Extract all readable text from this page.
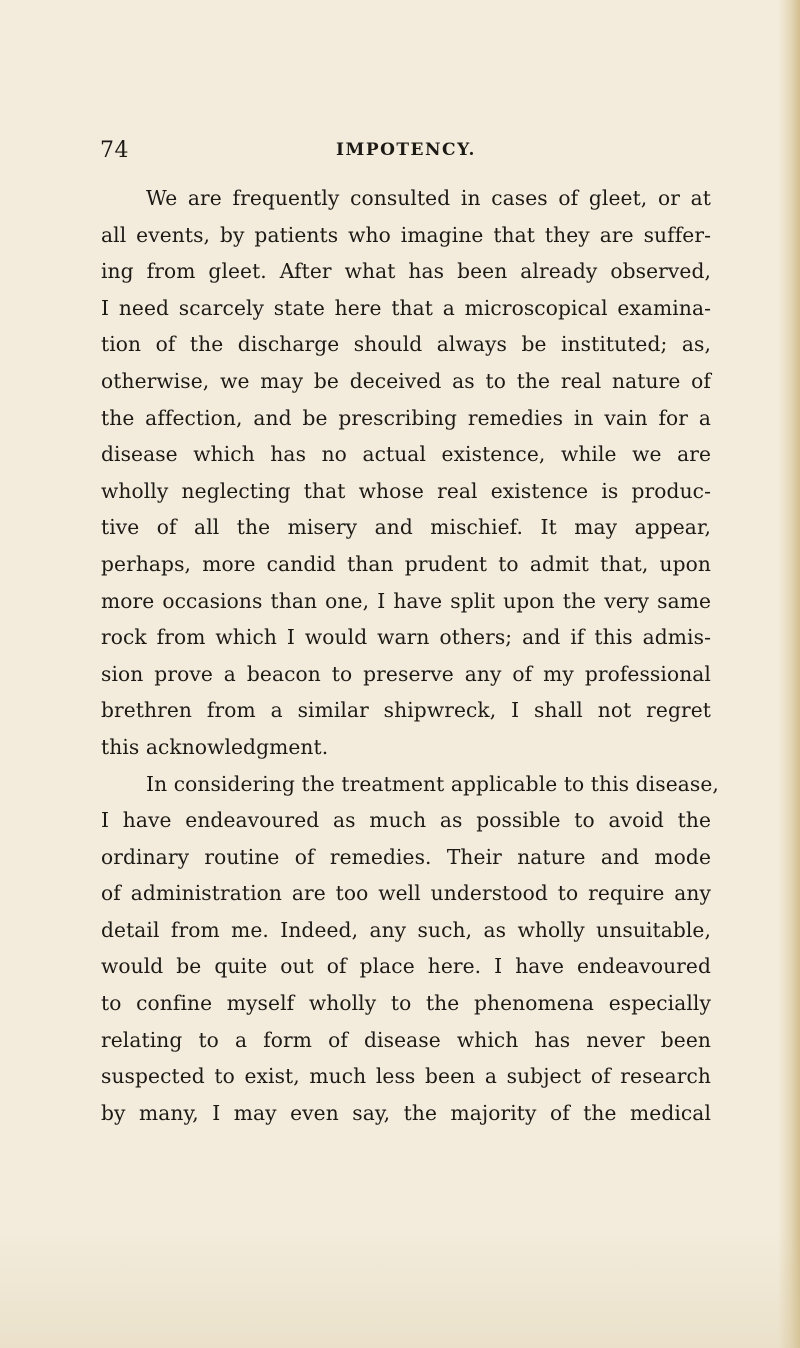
74	IMPOTENCY.
We are frequently consulted in cases of gleet, or at
all events, by patients who imagine that they are suffer-
ing from gleet. After what has been already observed,
I need scarcely state here that a microscopical examina-
tion of the discharge should always be instituted; as,
otherwise, we may be deceived as to the real nature of
the affection, and be prescribing remedies in vain for a
disease which has no actual existence, while we are
wholly neglecting that whose real existence is produc-
tive of all the misery and mischief. It may appear,
perhaps, more candid than prudent to admit that, upon
more occasions than one, I have split upon the very same
rock from which I would warn others; and if this admis-
sion prove a beacon to preserve any of my professional
brethren from a similar shipwreck, I shall not regret
this acknowledgment.
In considering the treatment applicable to this disease,
I have endeavoured as much as possible to avoid the
ordinary routine of remedies. Their nature and mode
of administration are too well understood to require any
detail from me. Indeed, any such, as wholly unsuitable,
would be quite out of place here. I have endeavoured
to confine myself wholly to the phenomena especially
relating to a form of disease which has never been
suspected to exist, much less been a subject of research
by many, I may even say, the majority of the medical
